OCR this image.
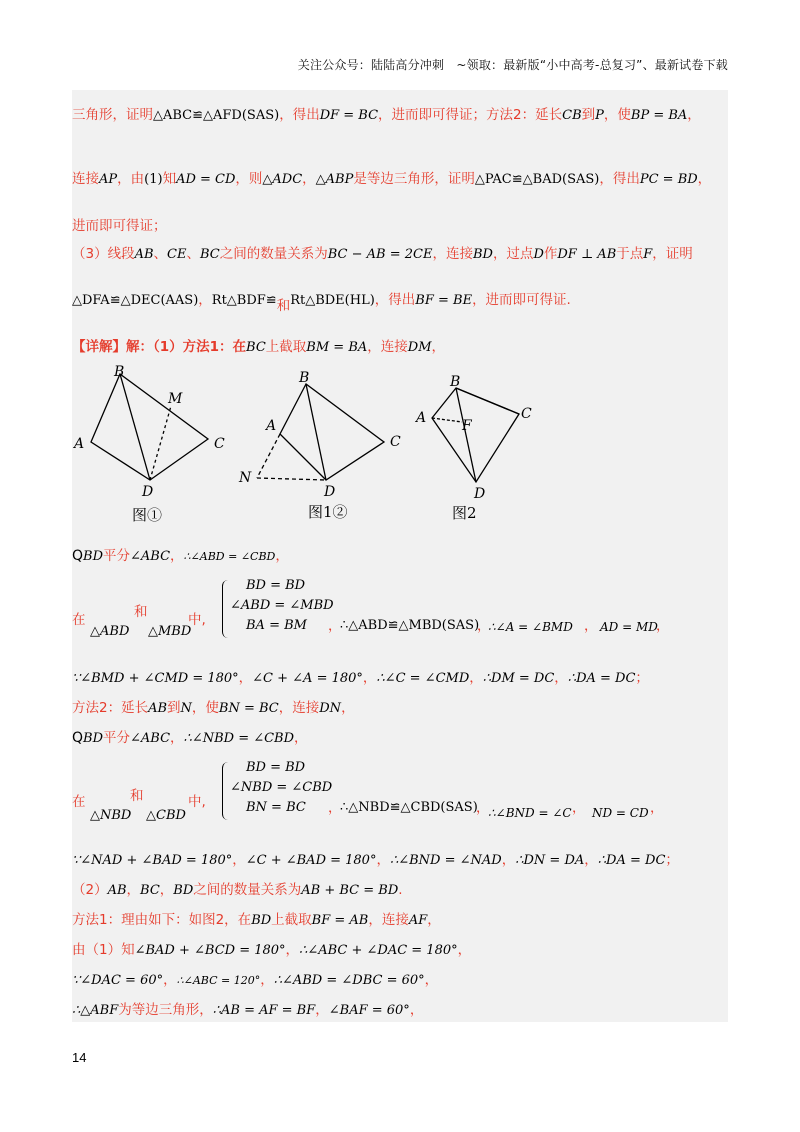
关注公众号：陆陆高分冲刺　~领取：最新版“小中高考-总复习”、最新试卷下载
三角形，证明△ABC≌△AFD(SAS)，得出DF = BC，进而即可得证；方法2：延长CB到P，使BP = BA，
连接AP，由(1)知AD = CD，则△ADC，△ABP是等边三角形，证明△PAC≌△BAD(SAS)，得出PC = BD，
进而即可得证；
（3）线段AB、CE、BC之间的数量关系为BC − AB = 2CE，连接BD，过点D作DF ⊥ AB于点F，证明
△DFA≌△DEC(AAS)，Rt△BDF≌和Rt△BDE(HL)，得出BF = BE，进而即可得证.
【详解】解：（1）方法1：在BC上截取BM = BA，连接DM，
B
M
A	C
D
图①
B
A
C
N
D
图1②
B
A	C
F
D
图2
QBD平分∠ABC，∴∠ABD = ∠CBD，
在	和	中,
△ABD △MBD
BD = BD
∠ABD = ∠MBD
BA = BM ，
∴△ABD≌△MBD(SAS)
，
∴∠A = ∠BMD ， AD = MD
，
∵∠BMD + ∠CMD = 180°，∠C + ∠A = 180°，∴∠C = ∠CMD，∴DM = DC，∴DA = DC；
方法2：延长AB到N，使BN = BC，连接DN，
QBD平分∠ABC，∴∠NBD = ∠CBD，
在	和	中,
△NBD △CBD
BD = BD
∠NBD = ∠CBD
BN = BC ，
∴△NBD≌△CBD(SAS)
，
∴∠BND = ∠C ， ND = CD ，
∵∠NAD + ∠BAD = 180°，∠C + ∠BAD = 180°，∴∠BND = ∠NAD，∴DN = DA，∴DA = DC；
（2）AB，BC，BD之间的数量关系为AB + BC = BD.
方法1：理由如下：如图2，在BD上截取BF = AB，连接AF，
由（1）知∠BAD + ∠BCD = 180°，∴∠ABC + ∠DAC = 180°，
∵∠DAC = 60°，∴∠ABC = 120°，∴∠ABD = ∠DBC = 60°，
∴△ABF为等边三角形，∴AB = AF = BF，∠BAF = 60°，
14
